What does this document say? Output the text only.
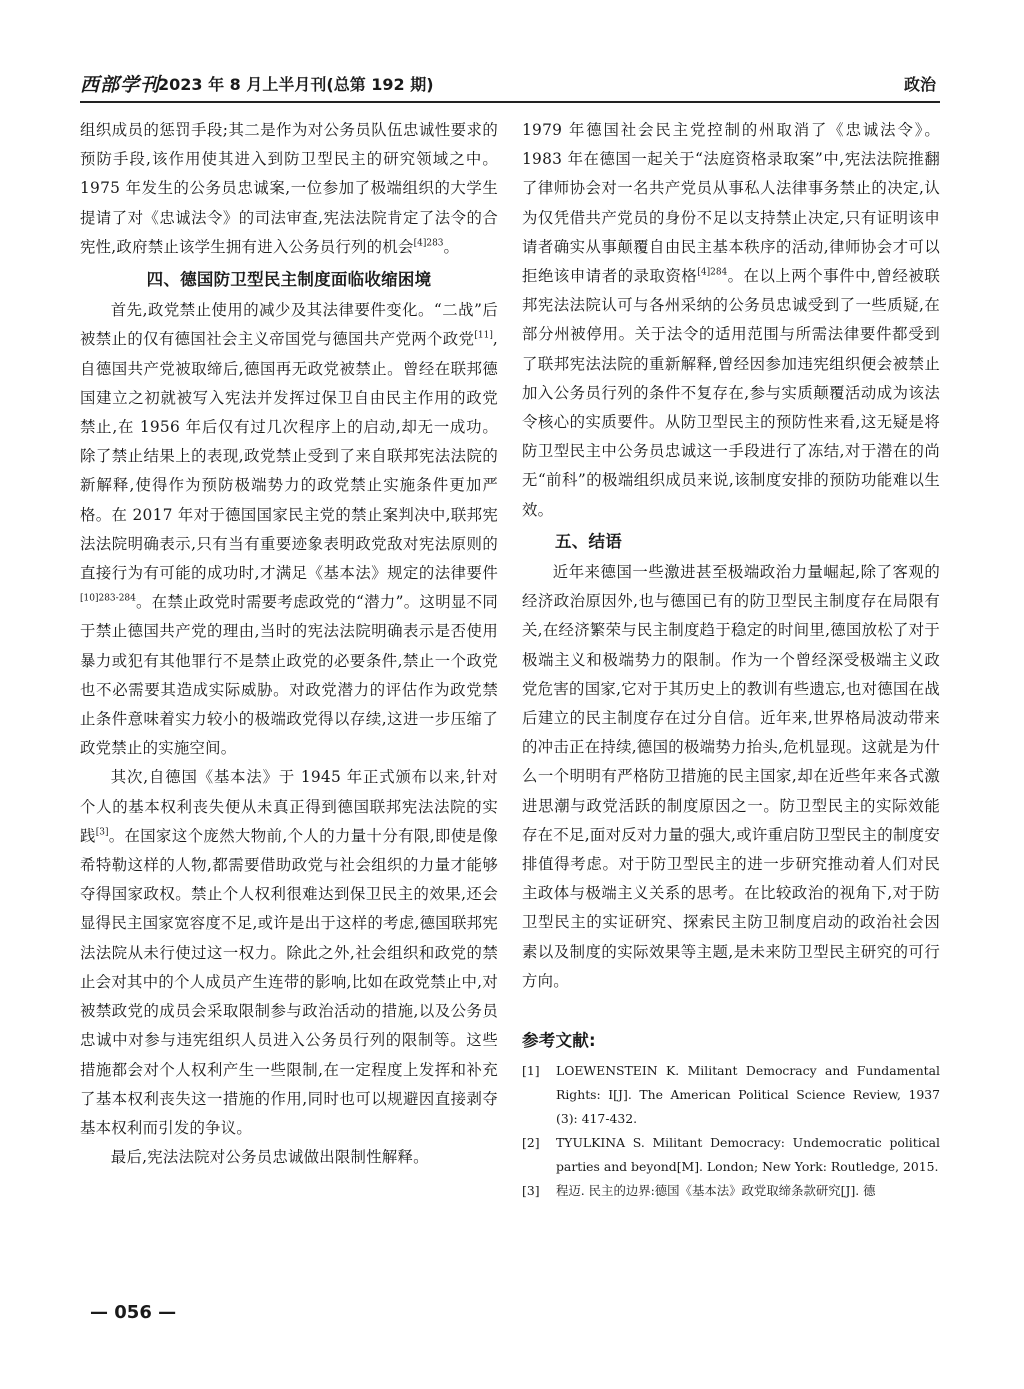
西部学刊
2023 年 8 月上半月刊(总第 192 期)	政治

组织成员的惩罚手段;其二是作为对公务员队伍忠诚性要求的预防手段,该作用使其进入到防卫型民主的研究领域之中。1975 年发生的公务员忠诚案,一位参加了极端组织的大学生提请了对《忠诚法令》的司法审查,宪法法院肯定了法令的合宪性,政府禁止该学生拥有进入公务员行列的机会$^{[4]283}$。

四、德国防卫型民主制度面临收缩困境

首先,政党禁止使用的减少及其法律要件变化。“二战”后被禁止的仅有德国社会主义帝国党与德国共产党两个政党[11],自德国共产党被取缔后,德国再无政党被禁止。曾经在联邦德国建立之初就被写入宪法并发挥过保卫自由民主作用的政党禁止,在 1956 年后仅有过几次程序上的启动,却无一成功。除了禁止结果上的表现,政党禁止受到了来自联邦宪法法院的新解释,使得作为预防极端势力的政党禁止实施条件更加严格。在 2017 年对于德国国家民主党的禁止案判决中,联邦宪法法院明确表示,只有当有重要迹象表明政党敌对宪法原则的直接行为有可能的成功时,才满足《基本法》规定的法律要件$^{[10]283-284}$。在禁止政党时需要考虑政党的“潜力”。这明显不同于禁止德国共产党的理由,当时的宪法法院明确表示是否使用暴力或犯有其他罪行不是禁止政党的必要条件,禁止一个政党也不必需要其造成实际威胁。对政党潜力的评估作为政党禁止条件意味着实力较小的极端政党得以存续,这进一步压缩了政党禁止的实施空间。

其次,自德国《基本法》于 1945 年正式颁布以来,针对个人的基本权利丧失便从未真正得到德国联邦宪法法院的实践[3]。在国家这个庞然大物前,个人的力量十分有限,即使是像希特勒这样的人物,都需要借助政党与社会组织的力量才能够夺得国家政权。禁止个人权利很难达到保卫民主的效果,还会显得民主国家宽容度不足,或许是出于这样的考虑,德国联邦宪法法院从未行使过这一权力。除此之外,社会组织和政党的禁止会对其中的个人成员产生连带的影响,比如在政党禁止中,对被禁政党的成员会采取限制参与政治活动的措施,以及公务员忠诚中对参与违宪组织人员进入公务员行列的限制等。这些措施都会对个人权利产生一些限制,在一定程度上发挥和补充了基本权利丧失这一措施的作用,同时也可以规避因直接剥夺基本权利而引发的争议。

最后,宪法法院对公务员忠诚做出限制性解释。

1979 年德国社会民主党控制的州取消了《忠诚法令》。1983 年在德国一起关于“法庭资格录取案”中,宪法法院推翻了律师协会对一名共产党员从事私人法律事务禁止的决定,认为仅凭借共产党员的身份不足以支持禁止决定,只有证明该申请者确实从事颠覆自由民主基本秩序的活动,律师协会才可以拒绝该申请者的录取资格$^{[4]284}$。在以上两个事件中,曾经被联邦宪法法院认可与各州采纳的公务员忠诚受到了一些质疑,在部分州被停用。关于法令的适用范围与所需法律要件都受到了联邦宪法法院的重新解释,曾经因参加违宪组织便会被禁止加入公务员行列的条件不复存在,参与实质颠覆活动成为该法令核心的实质要件。从防卫型民主的预防性来看,这无疑是将防卫型民主中公务员忠诚这一手段进行了冻结,对于潜在的尚无“前科”的极端组织成员来说,该制度安排的预防功能难以生效。

五、结语

近年来德国一些激进甚至极端政治力量崛起,除了客观的经济政治原因外,也与德国已有的防卫型民主制度存在局限有关,在经济繁荣与民主制度趋于稳定的时间里,德国放松了对于极端主义和极端势力的限制。作为一个曾经深受极端主义政党危害的国家,它对于其历史上的教训有些遗忘,也对德国在战后建立的民主制度存在过分自信。近年来,世界格局波动带来的冲击正在持续,德国的极端势力抬头,危机显现。这就是为什么一个明明有严格防卫措施的民主国家,却在近些年来各式激进思潮与政党活跃的制度原因之一。防卫型民主的实际效能存在不足,面对反对力量的强大,或许重启防卫型民主的制度安排值得考虑。对于防卫型民主的进一步研究推动着人们对民主政体与极端主义关系的思考。在比较政治的视角下,对于防卫型民主的实证研究、探索民主防卫制度启动的政治社会因素以及制度的实际效果等主题,是未来防卫型民主研究的可行方向。

参考文献:

[1] LOEWENSTEIN K. Militant Democracy and Fundamental Rights: I[J]. The American Political Science Review, 1937 (3): 417-432.

[2] TYULKINA S. Militant Democracy: Undemocratic political parties and beyond[M]. London; New York: Routledge, 2015.

[3] 程迈. 民主的边界:德国《基本法》政党取缔条款研究[J]. 德

— 056 —
